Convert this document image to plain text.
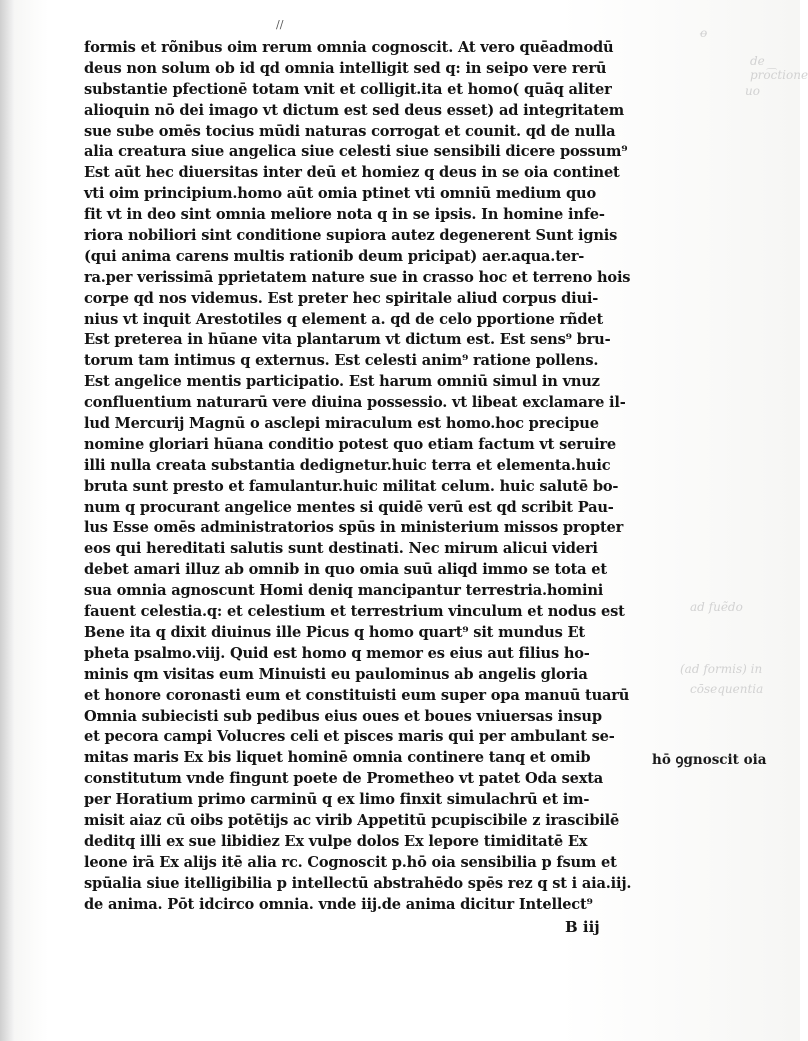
//
o̶
de pro͡ctione
uo
ad fuẽdo
(ad formis) in
cōsequentia
formis et rõnibus oim rerum omnia cognoscit. At vero quēadmodū
deus non solum ob id qd omnia intelligit sed q: in seipo vere rerū
substantie pfectionē totam vnit et colligit.ita et homo( quāq aliter
alioquin nō dei imago vt dictum est sed deus esset) ad integritatem
sue sube omēs tocius mūdi naturas corrogat et counit. qd de nulla
alia creatura siue angelica siue celesti siue sensibili dicere possum⁹
Est aūt hec diuersitas inter deū et homiez q deus in se oia continet
vti oim principium.homo aūt omia ptinet vti omniū medium quo
fit vt in deo sint omnia meliore nota q in se ipsis. In homine infe-
riora nobiliori sint conditione supiora autez degenerent Sunt ignis
(qui anima carens multis rationib deum pricipat) aer.aqua.ter-
ra.per verissimā pprietatem nature sue in crasso hoc et terreno hois
corpe qd nos videmus. Est preter hec spiritale aliud corpus diui-
nius vt inquit Arestotiles q element a. qd de celo pportione rñdet
Est preterea in hūane vita plantarum vt dictum est. Est sens⁹ bru-
torum tam intimus q externus. Est celesti anim⁹ ratione pollens.
Est angelice mentis participatio. Est harum omniū simul in vnuz
confluentium naturarū vere diuina possessio. vt libeat exclamare il-
lud Mercurij Magnū o asclepi miraculum est homo.hoc precipue
nomine gloriari hūana conditio potest quo etiam factum vt seruire
illi nulla creata substantia dedignetur.huic terra et elementa.huic
bruta sunt presto et famulantur.huic militat celum. huic salutē bo-
num q procurant angelice mentes si quidē verū est qd scribit Pau-
lus Esse omēs administratorios spūs in ministerium missos propter
eos qui hereditati salutis sunt destinati. Nec mirum alicui videri
debet amari illuz ab omnib in quo omia suū aliqd immo se tota et
sua omnia agnoscunt Homi deniq mancipantur terrestria.homini
fauent celestia.q: et celestium et terrestrium vinculum et nodus est
Bene ita q dixit diuinus ille Picus q homo quart⁹ sit mundus Et
pheta psalmo.viij. Quid est homo q memor es eius aut filius ho-
minis qm visitas eum Minuisti eu paulominus ab angelis gloria
et honore coronasti eum et constituisti eum super opa manuū tuarū
Omnia subiecisti sub pedibus eius oues et boues vniuersas insup
et pecora campi Volucres celi et pisces maris qui per ambulant se-
mitas maris Ex bis liquet hominē omnia continere tanq et omib
constitutum vnde fingunt poete de Prometheo vt patet Oda sexta
per Horatium primo carminū q ex limo finxit simulachrū et im-
misit aiaz cū oibs potētijs ac virib Appetitū pcupiscibile z irascibilē
deditq illi ex sue libidiez Ex vulpe dolos Ex lepore timiditatē Ex
leone irā Ex alijs itē alia rc. Cognoscit p.hō oia sensibilia p fsum et
spūalia siue itelligibilia p intellectū abstrahēdo spēs rez q st i aia.iij.
de anima. Pōt idcirco omnia. vnde iij.de anima dicitur Intellect⁹
hō ꝯgnoscit oia
B iij
